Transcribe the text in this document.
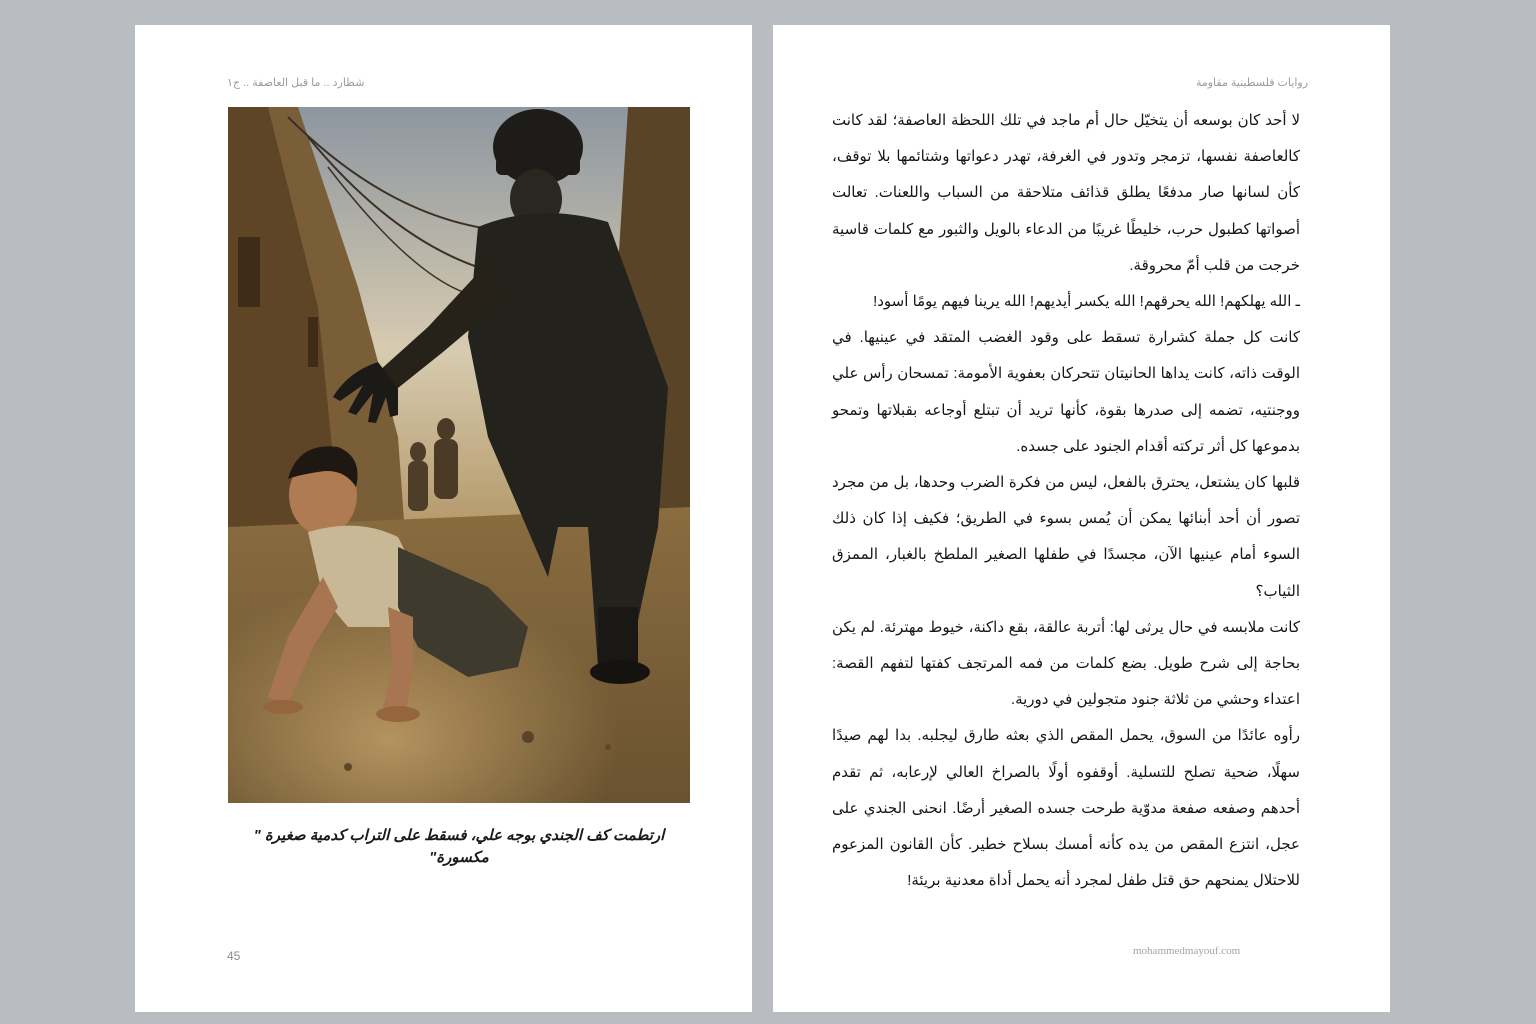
شظارد .. ما قبل العاصفة .. ج١
ارتطمت كف الجندي بوجه علي، فسقط على التراب كدمية صغيرة " مكسورة"
45
روايات فلسطينية مقاومة

لا أحد كان بوسعه أن يتخيّل حال أم ماجد في تلك اللحظة العاصفة؛ لقد كانت كالعاصفة نفسها، تزمجر وتدور في الغرفة، تهدر دعواتها وشتائمها بلا توقف، كأن لسانها صار مدفعًا يطلق قذائف متلاحقة من السباب واللعنات. تعالت أصواتها كطبول حرب، خليطًا غريبًا من الدعاء بالويل والثبور مع كلمات قاسية خرجت من قلب أمّ محروقة.

ـ الله يهلكهم! الله يحرقهم! الله يكسر أيديهم! الله يرينا فيهم يومًا أسود!

كانت كل جملة كشرارة تسقط على وقود الغضب المتقد في عينيها. في الوقت ذاته، كانت يداها الحانيتان تتحركان بعفوية الأمومة: تمسحان رأس علي ووجنتيه، تضمه إلى صدرها بقوة، كأنها تريد أن تبتلع أوجاعه بقبلاتها وتمحو بدموعها كل أثر تركته أقدام الجنود على جسده.

قلبها كان يشتعل، يحترق بالفعل، ليس من فكرة الضرب وحدها، بل من مجرد تصور أن أحد أبنائها يمكن أن يُمس بسوء في الطريق؛ فكيف إذا كان ذلك السوء أمام عينيها الآن، مجسدًا في طفلها الصغير الملطخ بالغبار، الممزق الثياب؟

كانت ملابسه في حال يرثى لها: أتربة عالقة، بقع داكنة، خيوط مهترئة. لم يكن بحاجة إلى شرح طويل. بضع كلمات من فمه المرتجف كفتها لتفهم القصة: اعتداء وحشي من ثلاثة جنود متجولين في دورية.

رأوه عائدًا من السوق، يحمل المقص الذي بعثه طارق ليجلبه. بدا لهم صيدًا سهلًا، ضحية تصلح للتسلية. أوقفوه أولًا بالصراخ العالي لإرعابه، ثم تقدم أحدهم وصفعه صفعة مدوّية طرحت جسده الصغير أرضًا. انحنى الجندي على عجل، انتزع المقص من يده كأنه أمسك بسلاح خطير. كأن القانون المزعوم للاحتلال يمنحهم حق قتل طفل لمجرد أنه يحمل أداة معدنية بريئة!

mohammedmayouf.com
